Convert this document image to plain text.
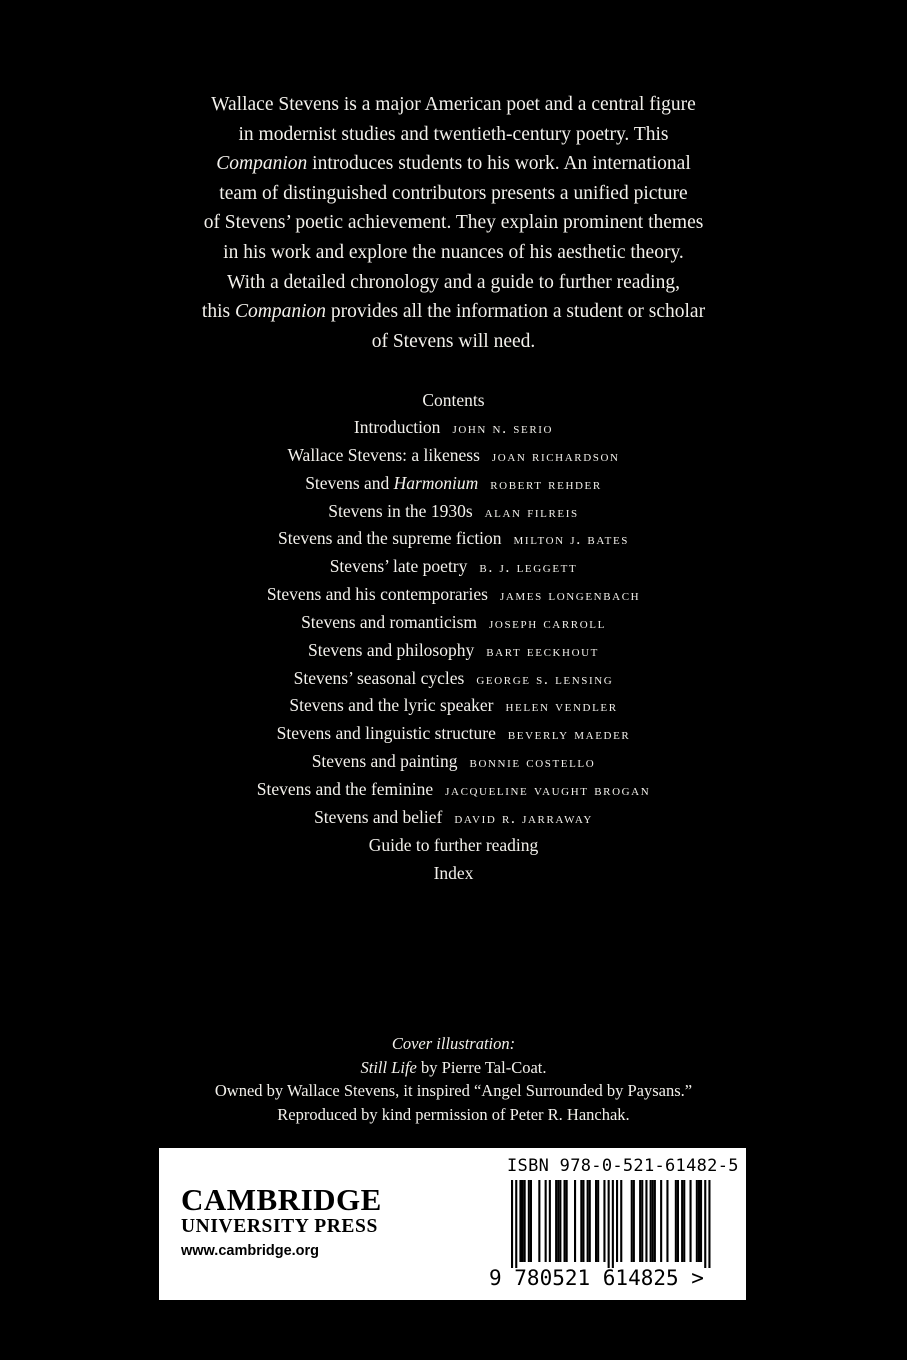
Wallace Stevens is a major American poet and a central figure
in modernist studies and twentieth-century poetry. This
Companion introduces students to his work. An international
team of distinguished contributors presents a unified picture
of Stevens’ poetic achievement. They explain prominent themes
in his work and explore the nuances of his aesthetic theory.
With a detailed chronology and a guide to further reading,
this Companion provides all the information a student or scholar
of Stevens will need.

Contents
Introduction john n. serio
Wallace Stevens: a likeness joan richardson
Stevens and Harmonium robert rehder
Stevens in the 1930s alan filreis
Stevens and the supreme fiction milton j. bates
Stevens’ late poetry b. j. leggett
Stevens and his contemporaries james longenbach
Stevens and romanticism joseph carroll
Stevens and philosophy bart eeckhout
Stevens’ seasonal cycles george s. lensing
Stevens and the lyric speaker helen vendler
Stevens and linguistic structure beverly maeder
Stevens and painting bonnie costello
Stevens and the feminine jacqueline vaught brogan
Stevens and belief david r. jarraway
Guide to further reading
Index
Cover illustration:
Still Life by Pierre Tal-Coat.
Owned by Wallace Stevens, it inspired “Angel Surrounded by Paysans.”
Reproduced by kind permission of Peter R. Hanchak.
CAMBRIDGE
UNIVERSITY PRESS
www.cambridge.org
ISBN 978-0-521-61482-5
9 780521 614825 >
